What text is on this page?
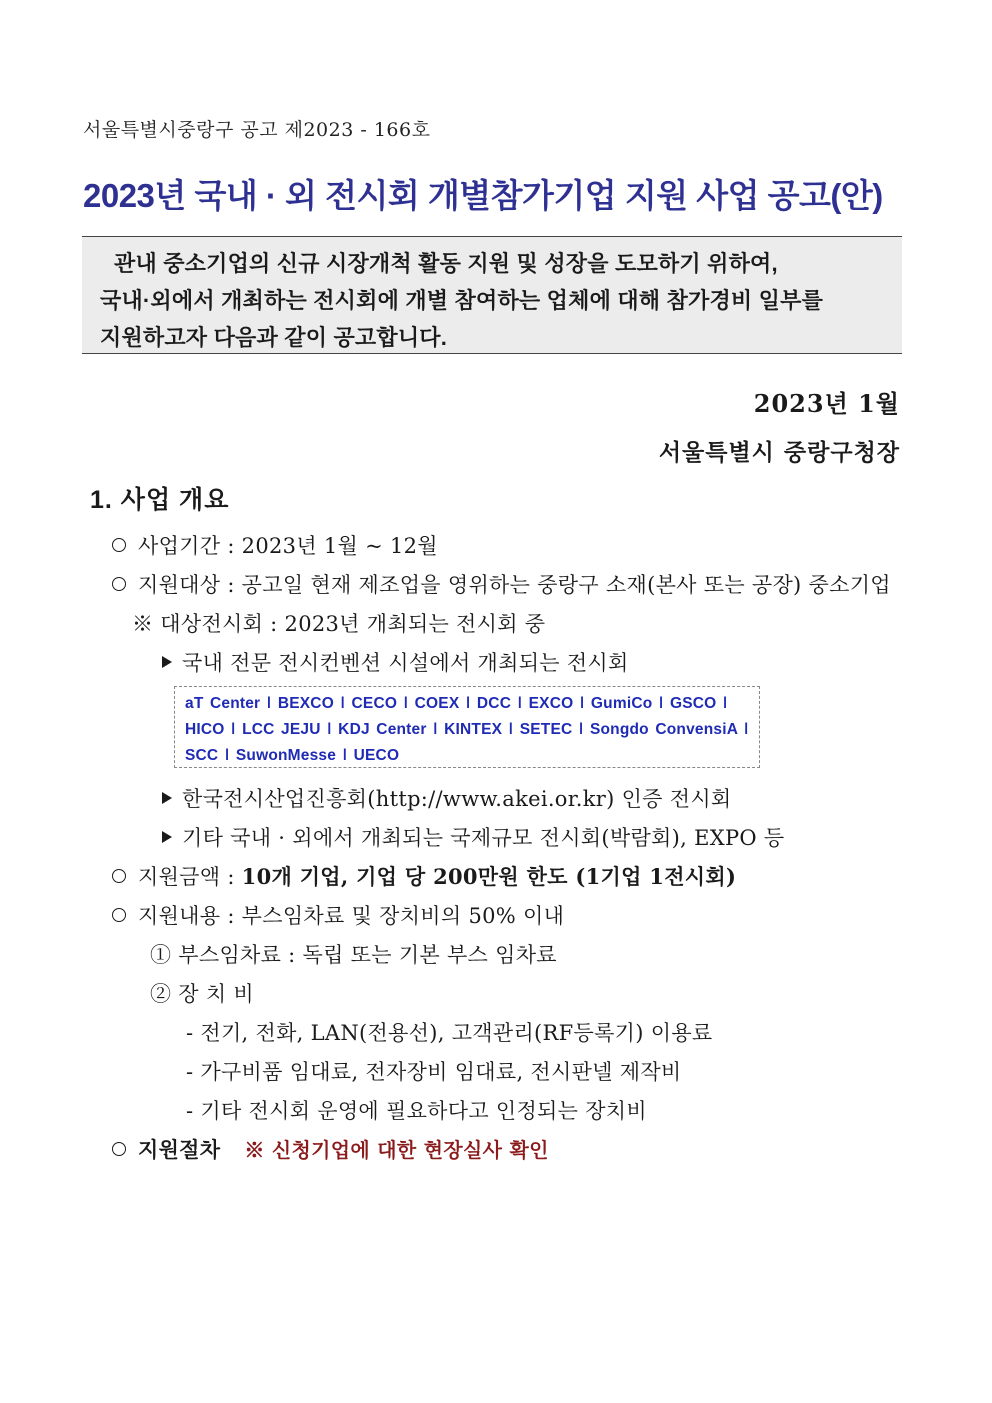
서울특별시중랑구 공고 제2023 - 166호
2023년 국내 · 외 전시회 개별참가기업 지원 사업 공고(안)
관내 중소기업의 신규 시장개척 활동 지원 및 성장을 도모하기 위하여,
국내·외에서 개최하는 전시회에 개별 참여하는 업체에 대해 참가경비 일부를
지원하고자 다음과 같이 공고합니다.
2023년 1월
서울특별시 중랑구청장
1. 사업 개요
사업기간 : 2023년 1월 ~ 12월
지원대상 : 공고일 현재 제조업을 영위하는 중랑구 소재(본사 또는 공장) 중소기업
※ 대상전시회 : 2023년 개최되는 전시회 중
국내 전문 전시컨벤션 시설에서 개최되는 전시회
aT Center ǀ BEXCO ǀ CECO ǀ COEX ǀ DCC ǀ EXCO ǀ GumiCo ǀ GSCO ǀ
HICO ǀ LCC JEJU ǀ KDJ Center ǀ KINTEX ǀ SETEC ǀ Songdo ConvensiA ǀ
SCC ǀ SuwonMesse ǀ UECO
한국전시산업진흥회(http://www.akei.or.kr) 인증 전시회
기타 국내 · 외에서 개최되는 국제규모 전시회(박람회), EXPO 등
지원금액 : 10개 기업, 기업 당 200만원 한도 (1기업 1전시회)
지원내용 : 부스임차료 및 장치비의 50% 이내
① 부스임차료 : 독립 또는 기본 부스 임차료
② 장 치 비
- 전기, 전화, LAN(전용선), 고객관리(RF등록기) 이용료
- 가구비품 임대료, 전자장비 임대료, 전시판넬 제작비
- 기타 전시회 운영에 필요하다고 인정되는 장치비
지원절차 ※ 신청기업에 대한 현장실사 확인
